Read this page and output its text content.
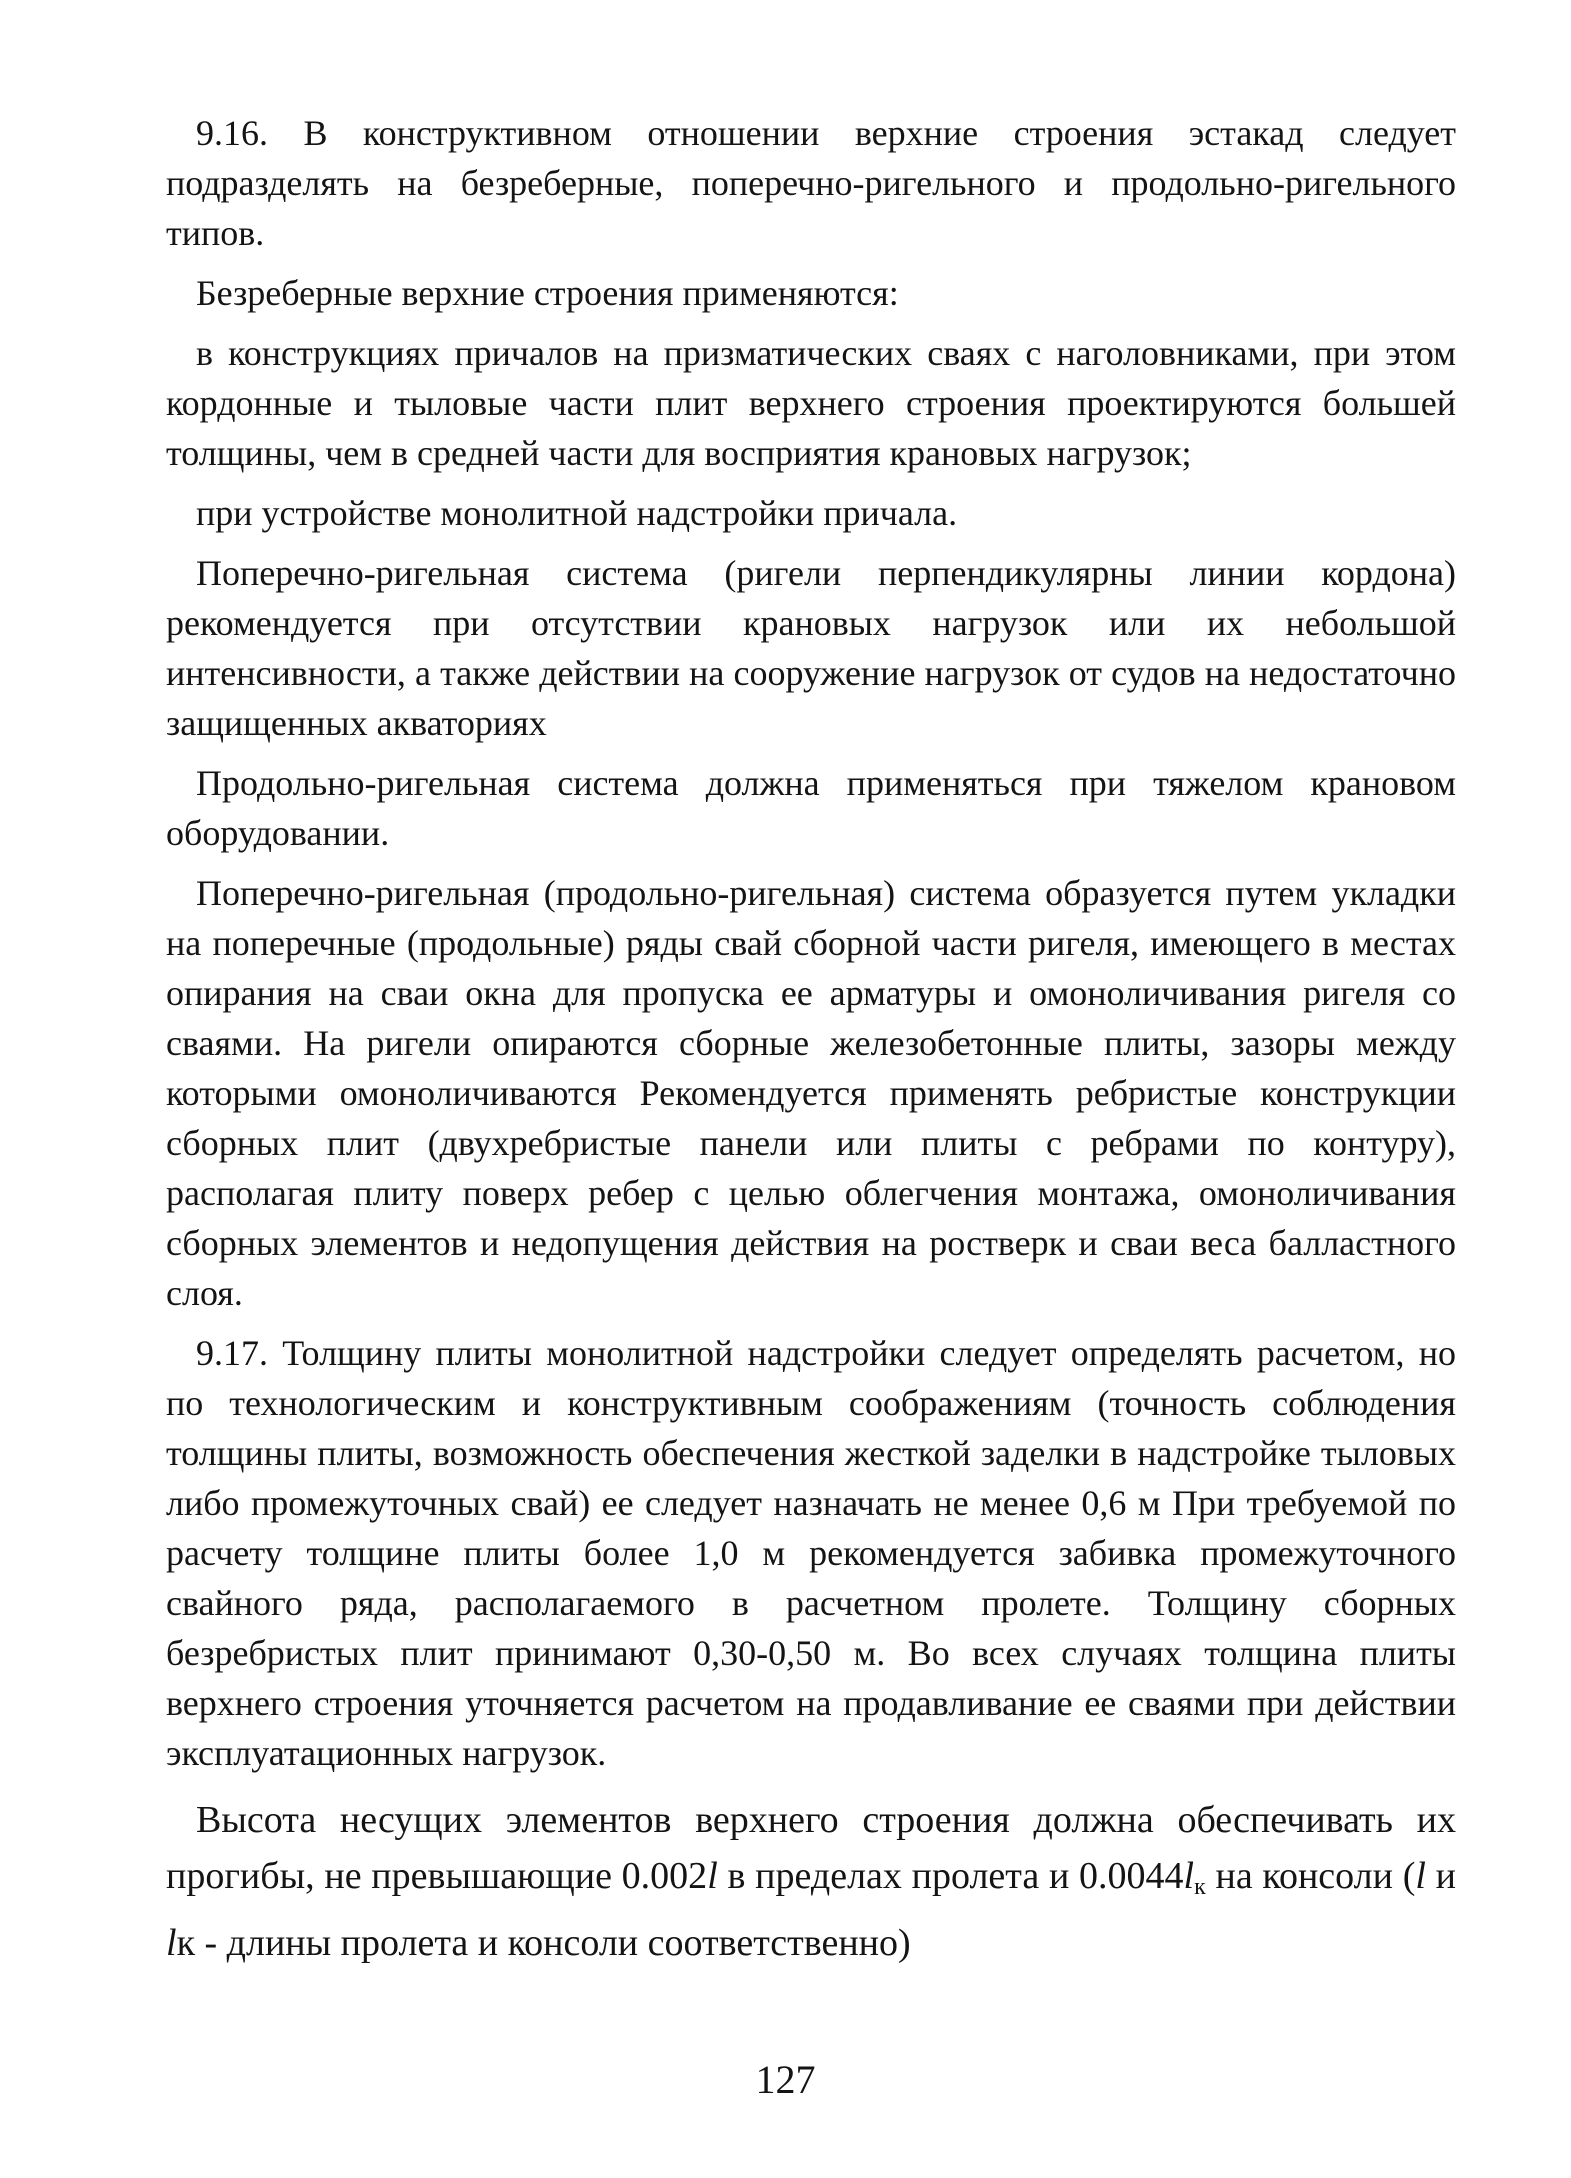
9.16. В конструктивном отношении верхние строения эстакад следует подразделять на безреберные, поперечно-ригельного и продольно-ригельного типов.

Безреберные верхние строения применяются:

в конструкциях причалов на призматических сваях с наголовниками, при этом кордонные и тыловые части плит верхнего строения проектируются большей толщины, чем в средней части для восприятия крановых нагрузок;

при устройстве монолитной надстройки причала.

Поперечно-ригельная система (ригели перпендикулярны линии кордона) рекомендуется при отсутствии крановых нагрузок или их небольшой интенсивности, а также действии на сооружение нагрузок от судов на недостаточно защищенных акваториях

Продольно-ригельная система должна применяться при тяжелом крановом оборудовании.

Поперечно-ригельная (продольно-ригельная) система образуется путем укладки на поперечные (продольные) ряды свай сборной части ригеля, имеющего в местах опирания на сваи окна для пропуска ее арматуры и омоноличивания ригеля со сваями. На ригели опираются сборные железобетонные плиты, зазоры между которыми омоноличиваются Рекомендуется применять ребристые конструкции сборных плит (двухребристые панели или плиты с ребрами по контуру), располагая плиту поверх ребер с целью облегчения монтажа, омоноличивания сборных элементов и недопущения действия на ростверк и сваи веса балластного слоя.

9.17. Толщину плиты монолитной надстройки следует определять расчетом, но по технологическим и конструктивным соображениям (точность соблюдения толщины плиты, возможность обеспечения жесткой заделки в надстройке тыловых либо промежуточных свай) ее следует назначать не менее 0,6 м При требуемой по расчету толщине плиты более 1,0 м рекомендуется забивка промежуточного свайного ряда, располагаемого в расчетном пролете. Толщину сборных безребристых плит принимают 0,30-0,50 м. Во всех случаях толщина плиты верхнего строения уточняется расчетом на продавливание ее сваями при действии эксплуатационных нагрузок.

Высота несущих элементов верхнего строения должна обеспечивать их прогибы, не превышающие 0.002l в пределах пролета и $0.0044l_к$ на консоли (l и lк - длины пролета и консоли соответственно)

127
